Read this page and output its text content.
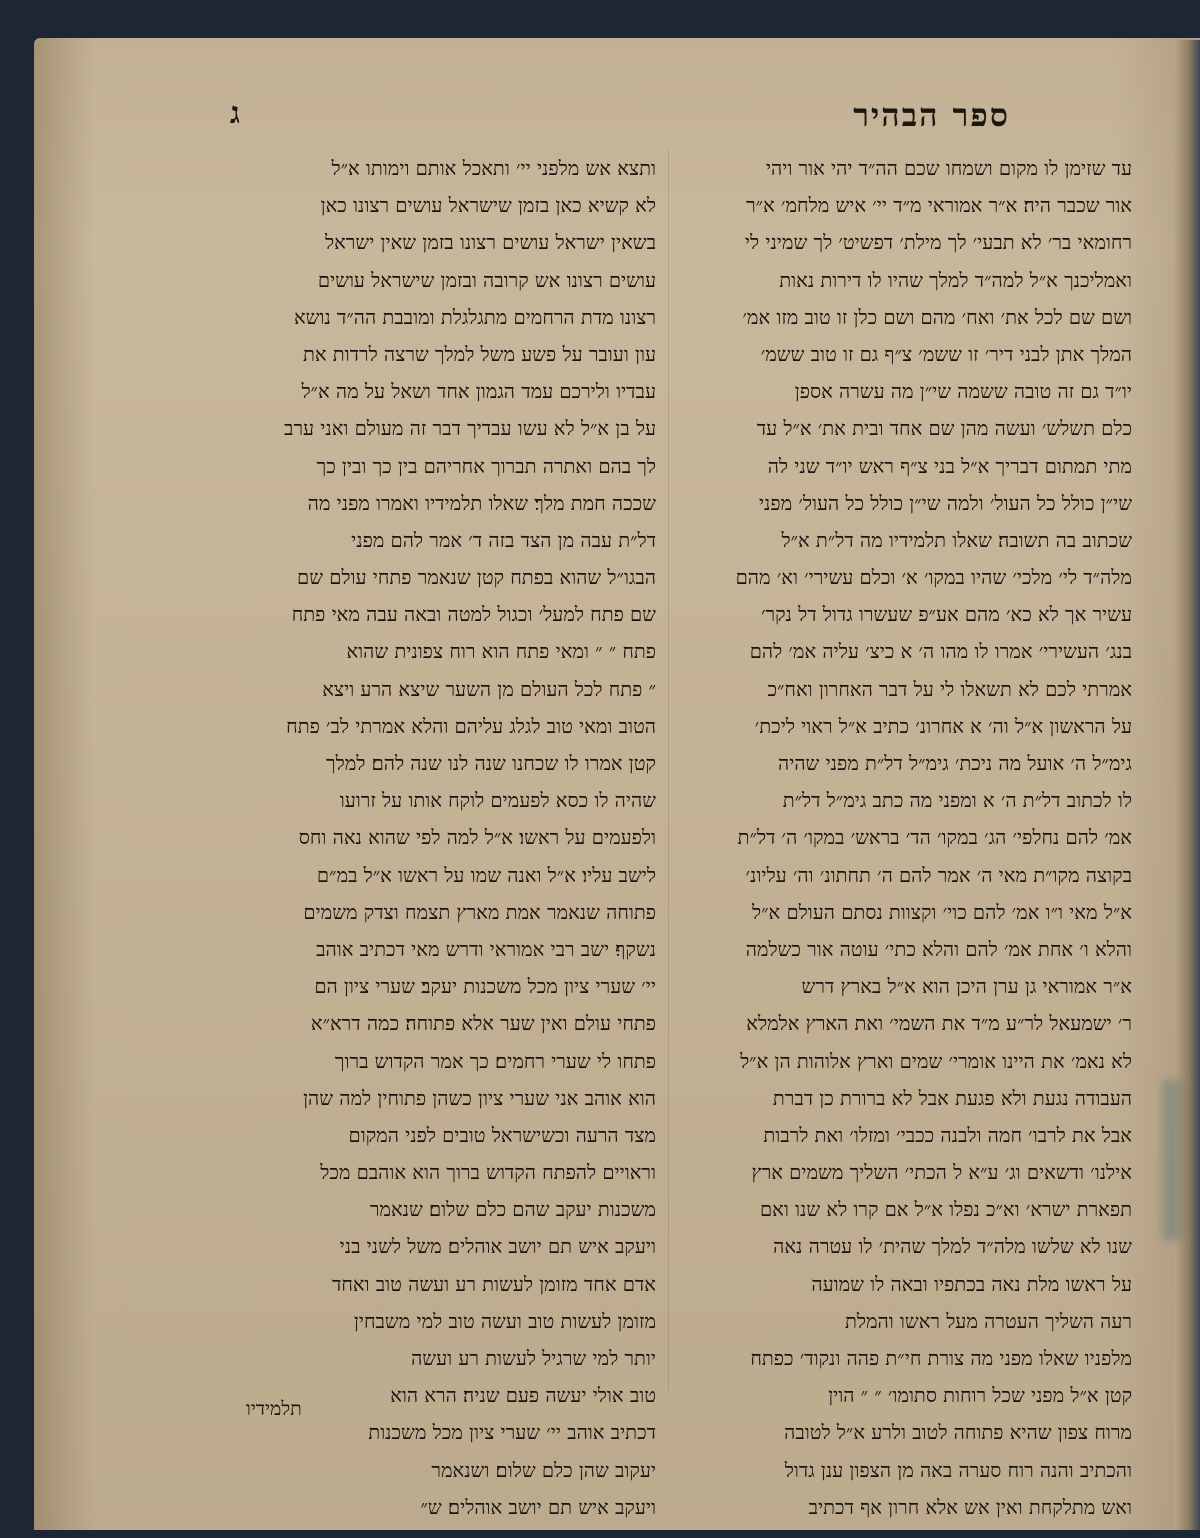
ג	ספר הבהיר
עד שזימן לו מקום ושמחו שכם הה״ד יהי אור ויהי
אור שכבר היה׃ א״ר אמוראי מ״ד יי׳ איש מלחמ׳ א״ר
רחומאי בר׳ לא תבעי׳ לך מילת׳ דפשיט׳ לך שמיני לי
ואמליכנך א״ל למה״ד למלך שהיו לו דירות נאות
ושם שם לכל את׳ ואח׳ מהם ושם כלן זו טוב מזו אמ׳
המלך אתן לבני דיר׳ זו ששמ׳ צ״ף גם זו טוב ששמ׳
יו״ד גם זה טובה ששמה שי״ן מה עשרה אספן
כלם תשלש׳ ועשה מהן שם אחד ובית את׳ א״ל עד
מתי תמתום דבריך א״ל בני צ״ף ראש יו״ד שני לה
שי״ן כולל כל העול׳ ולמה שי״ן כולל כל העול׳ מפני
שכתוב בה תשובה׃ שאלו תלמידיו מה דל״ת א״ל
מלה״ד לי׳ מלכי׳ שהיו במקו׳ א׳ וכלם עשירי׳ וא׳ מהם
עשיר אך לא כא׳ מהם אע״פ שעשרו גדול דל נקר׳
בנג׳ העשירי׳ אמרו לו מהו ה׳ א כיצ׳ עליה אמ׳ להם
אמרתי לכם לא תשאלו לי על דבר האחרון ואח״כ
על הראשון א״ל וה׳ א אחרונ׳ כתיב א״ל ראוי ליכת׳
גימ״ל ה׳ אועל מה ניכת׳ גימ״ל דל״ת מפני שהיה
לו לכתוב דל״ת ה׳ א ומפני מה כתב גימ״ל דל״ת
אמ׳ להם נחלפי׳ הג׳ במקו׳ הד׳ בראש׳ במקו׳ ה׳ דל״ת
בקוצה מקו״ת מאי ה׳ אמר להם ה׳ תחתונ׳ וה׳ עליונ׳
א״ל מאי ו״ו אמ׳ להם כוי׳ וקצוות נסתם העולם א״ל
והלא ו׳ אחת אמ׳ להם והלא כתי׳ עוטה אור כשלמה
א״ר אמוראי גן ערן היכן הוא א״ל בארץ דרש
ר׳ ישמעאל לר״ע מ״ד את השמי׳ ואת הארץ אלמלא
לא נאמ׳ את היינו אומרי׳ שמים וארץ אלוהות הן א״ל
העבודה נגעת ולא פגעת אבל לא ברורת כן דברת
אבל את לרבו׳ חמה ולבנה ככבי׳ ומזלו׳ ואת לרבות
אילנו׳ ודשאים וג׳ ע״א ל הכתי׳ השליך משמים ארץ
תפארת ישרא׳ וא״כ נפלו א״ל אם קרו לא שנו ואם
שנו לא שלשו מלה״ד למלך שהית׳ לו עטרה נאה
על ראשו מלת נאה בכתפיו ובאה לו שמועה
רעה השליך העטרה מעל ראשו והמלת
מלפניו שאלו מפני מה צורת חי״ת פהה ונקוד׳ כפתח
קטן א״ל מפני שכל רוחות סתומו׳ ״ ״ הוין
מרוח צפון שהיא פתוחה לטוב ולרע א״ל לטובה
והכתיב והנה רוח סערה באה מן הצפון ענן גדול
ואש מתלקחת ואין אש אלא חרון אף דכתיב
ותצא אש מלפני יי׳ ותאכל אותם וימותו א״ל
לא קשיא כאן בזמן שישראל עושים רצונו כאן
בשאין ישראל עושים רצונו בזמן שאין ישראל
עושים רצונו אש קרובה ובזמן שישראל עושים
רצונו מדת הרחמים מתגלגלת ומובבת הה״ד נושא
עון ועובר על פשע משל למלך שרצה לרדות את
עבדיו ולירכם עמד הגמון אחד ושאל על מה א״ל
על בן א״ל לא עשו עבדיך דבר זה מעולם ואני ערב
לך בהם ואתרה תברוך אחריהם בין כך ובין כך
שככה חמת מלך׃ שאלו תלמידיו ואמרו מפני מה
דל״ת עבה מן הצד בזה ד׳ אמר להם מפני
הבגו״ל שהוא בפתח קטן שנאמר פתחי עולם שם
שם פתח למעל׳ וכגול למטה ובאה עבה מאי פתח
פתח ״ ״ ומאי פתח הוא רוח צפונית שהוא
״ פתח לכל העולם מן השער שיצא הרע ויצא
הטוב ומאי טוב לגלג עליהם והלא אמרתי לב׳ פתח
קטן אמרו לו שכחנו שנה לנו שנה להם׃ למלך
שהיה לו כסא לפעמים לוקח אותו על זרועו
ולפעמים על ראשו׃ א״ל למה לפי שהוא נאה וחס
לישב עליו׃ א״ל ואנה שמו על ראשו א״ל במ״ם
פתוחה שנאמר אמת מארץ תצמח וצדק משמים
נשקף׃ ישב רבי אמוראי ודרש מאי דכתיב אוהב
יי׳ שערי ציון מכל משכנות יעקב׃ שערי ציון הם
פתחי עולם ואין שער אלא פתוחה׃ כמה דרא״א
פתחו לי שערי רחמים׃ כך אמר הקדוש ברוך
הוא אוהב אני שערי ציון כשהן פתוחין למה שהן
מצד הרעה וכשישראל טובים לפני המקום
וראויים להפתח הקדוש ברוך הוא אוהבם מכל
משכנות יעקב שהם כלם שלום׃ שנאמר
ויעקב איש תם יושב אוהלים׃ משל לשני בני
אדם אחד מזומן לעשות רע ועשה טוב ואחד
מזומן לעשות טוב ועשה טוב למי משבחין
יותר למי שרגיל לעשות רע ועשה
טוב אולי יעשה פעם שניה׃ הרא הוא
דכתיב אוהב יי׳ שערי ציון מכל משכנות
יעקוב שהן כלם שלום׃ ושנאמר
ויעקב איש תם יושב אוהלים׃ ש״
תלמידיו
